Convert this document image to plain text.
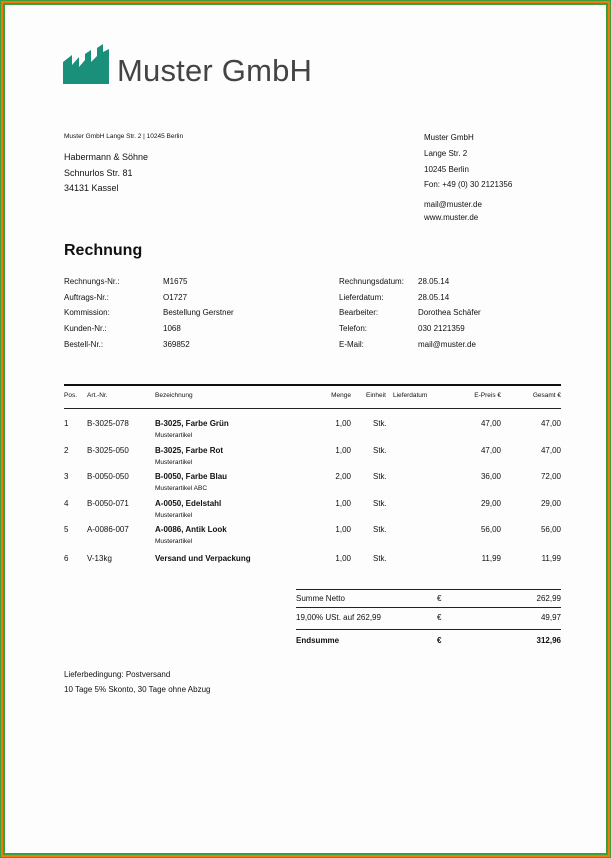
Muster GmbH
Muster GmbH Lange Str. 2 | 10245 Berlin
Habermann & Söhne
Schnurlos Str. 81
34131 Kassel
Muster GmbH
Lange Str. 2
10245 Berlin
Fon: +49 (0) 30 2121356
mail@muster.de
www.muster.de
Rechnung
Rechnungs-Nr.:	M1675
Auftrags-Nr.:	O1727
Kommission:	Bestellung Gerstner
Kunden-Nr.:	1068
Bestell-Nr.:	369852
Rechnungsdatum: 28.05.14
Lieferdatum:	28.05.14
Bearbeiter:	Dorothea Schäfer
Telefon:	030 2121359
E-Mail:	mail@muster.de
Pos. Art.-Nr.	Bezeichnung	Menge Einheit Lieferdatum	E-Preis €	Gesamt €
1 B-3025-078	B-3025, Farbe Grün	1,00	Stk.	47,00	47,00
Musterartikel
2 B-3025-050	B-3025, Farbe Rot	1,00	Stk.	47,00	47,00
Musterartikel
3 B-0050-050	B-0050, Farbe Blau	2,00	Stk.	36,00	72,00
Musterartikel ABC
4 B-0050-071	A-0050, Edelstahl	1,00	Stk.	29,00	29,00
Musterartikel
5 A-0086-007	A-0086, Antik Look	1,00	Stk.	56,00	56,00
Musterartikel
6 V-13kg	Versand und Verpackung	1,00	Stk.	11,99	11,99
Summe Netto	€	262,99
19,00% USt. auf 262,99	€	49,97
Endsumme	€	312,96
Lieferbedingung: Postversand
10 Tage 5% Skonto, 30 Tage ohne Abzug
